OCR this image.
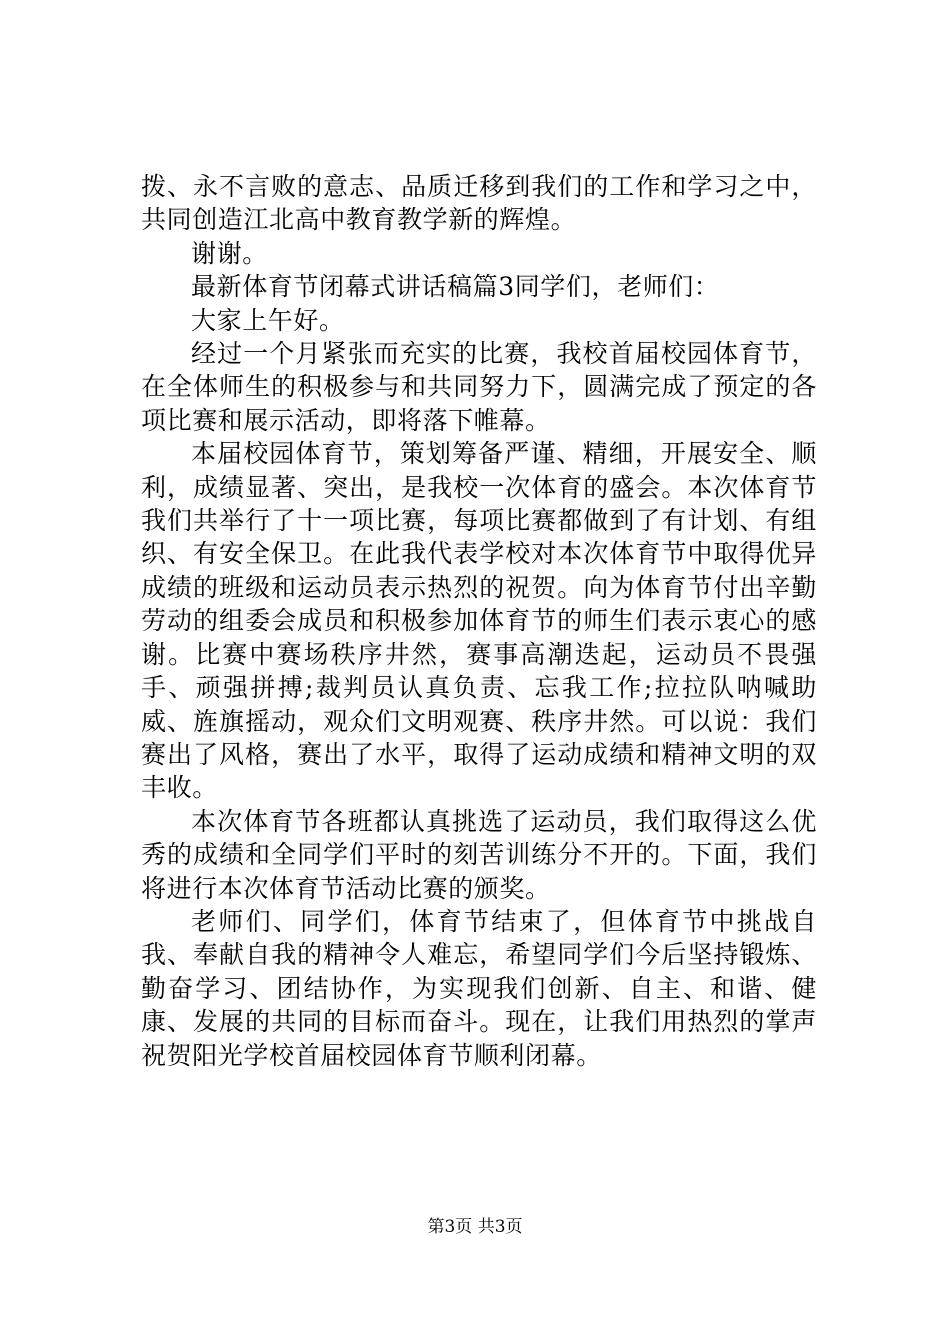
拨、永不言败的意志、品质迁移到我们的工作和学习之中，共同创造江北高中教育教学新的辉煌。

谢谢。

最新体育节闭幕式讲话稿篇3同学们，老师们：

大家上午好。

经过一个月紧张而充实的比赛，我校首届校园体育节，在全体师生的积极参与和共同努力下，圆满完成了预定的各项比赛和展示活动，即将落下帷幕。

本届校园体育节，策划筹备严谨、精细，开展安全、顺利，成绩显著、突出，是我校一次体育的盛会。本次体育节我们共举行了十一项比赛，每项比赛都做到了有计划、有组织、有安全保卫。在此我代表学校对本次体育节中取得优异成绩的班级和运动员表示热烈的祝贺。向为体育节付出辛勤劳动的组委会成员和积极参加体育节的师生们表示衷心的感谢。比赛中赛场秩序井然，赛事高潮迭起，运动员不畏强手、顽强拼搏;裁判员认真负责、忘我工作;拉拉队呐喊助威、旌旗摇动，观众们文明观赛、秩序井然。可以说：我们赛出了风格，赛出了水平，取得了运动成绩和精神文明的双丰收。

本次体育节各班都认真挑选了运动员，我们取得这么优秀的成绩和全同学们平时的刻苦训练分不开的。下面，我们将进行本次体育节活动比赛的颁奖。

老师们、同学们，体育节结束了，但体育节中挑战自我、奉献自我的精神令人难忘，希望同学们今后坚持锻炼、勤奋学习、团结协作，为实现我们创新、自主、和谐、健康、发展的共同的目标而奋斗。现在，让我们用热烈的掌声祝贺阳光学校首届校园体育节顺利闭幕。

第3页 共3页
